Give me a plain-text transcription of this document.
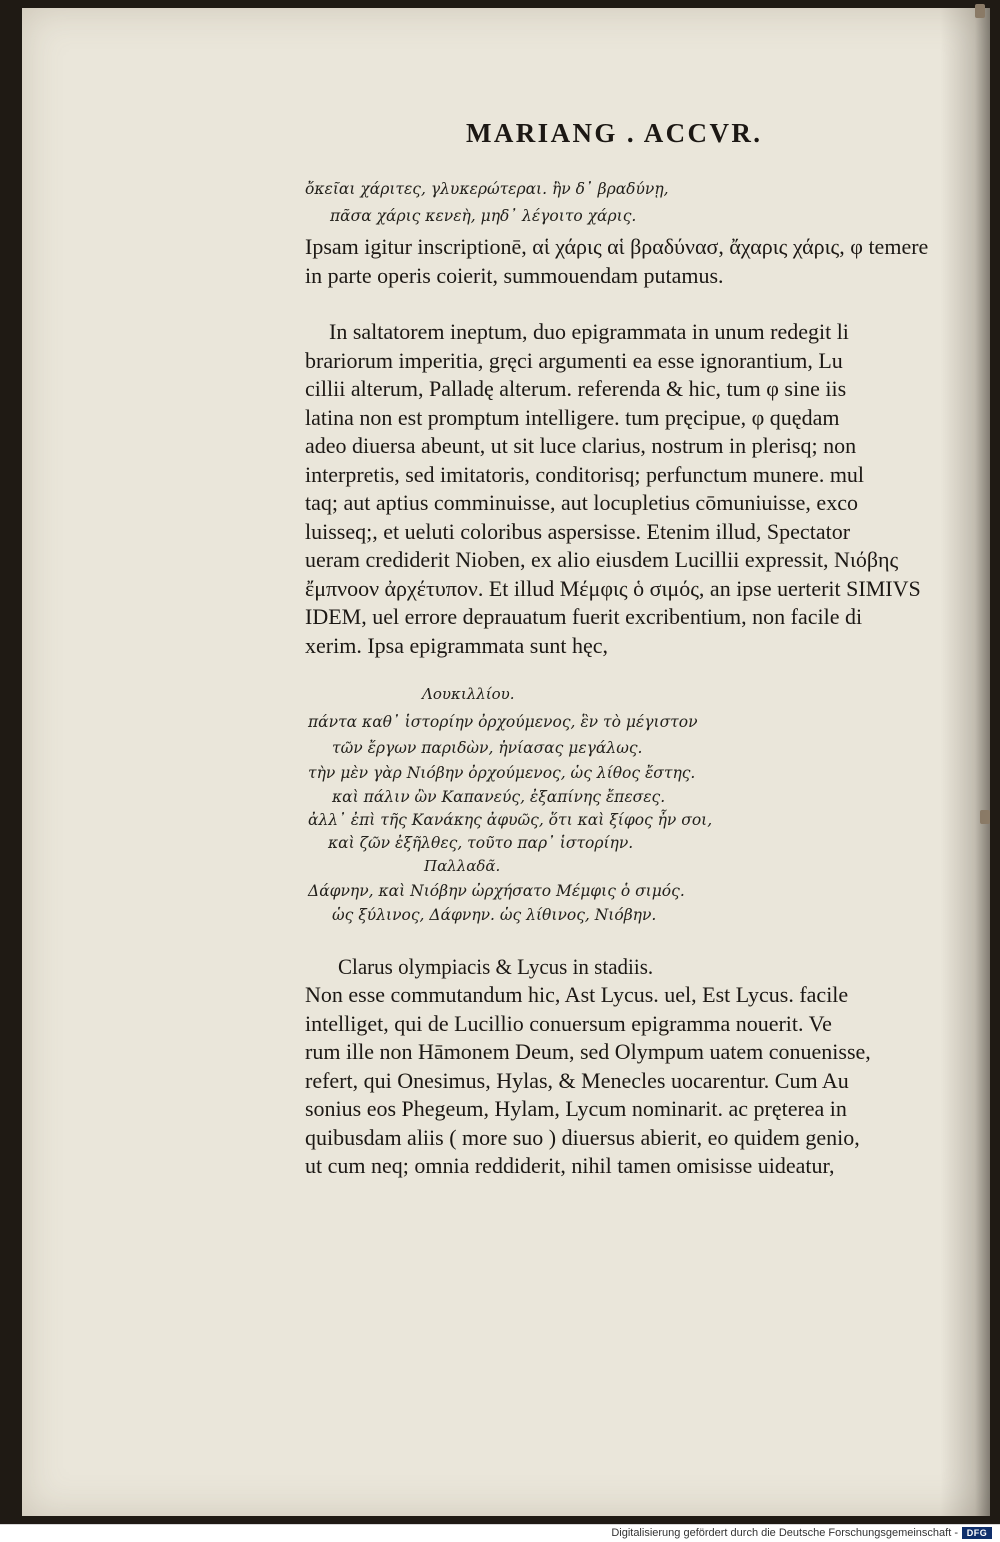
MARIANG . ACCVR.
ὄκεῖαι χάριτες, γλυκερώτεραι. ἢν δ᾽ βραδύνῃ,
πᾶσα χάρις κενεὴ, μηδ᾽ λέγοιτο χάρις.
Ipsam igitur inscriptionē, αἱ χάρις αἱ βραδύνασ, ἄχαρις χάρις, φ temere
in parte operis coierit, summouendam putamus.
In saltatorem ineptum, duo epigrammata in unum redegit li
brariorum imperitia, gręci argumenti ea esse ignorantium, Lu
cillii alterum, Palladę alterum. referenda & hic, tum φ sine iis
latina non est promptum intelligere. tum pręcipue, φ quędam
adeo diuersa abeunt, ut sit luce clarius, nostrum in plerisq; non
interpretis, sed imitatoris, conditorisq; perfunctum munere. mul
taq; aut aptius comminuisse, aut locupletius cōmuniuisse, exco
luisseq;, et ueluti coloribus aspersisse. Etenim illud, Spectator
ueram crediderit Nioben, ex alio eiusdem Lucillii expressit, Νιόβης
ἔμπνοον ἀρχέτυπον. Et illud Μέμφις ὁ σιμός, an ipse uerterit SIMIVS
IDEM, uel errore deprauatum fuerit excribentium, non facile di
xerim. Ipsa epigrammata sunt hęc,
Λουκιλλίου.
πάντα καθ᾽ ἱστορίην ὀρχούμενος, ἓν τὸ μέγιστον
τῶν ἔργων παριδὼν, ἠνίασας μεγάλως.
τὴν μὲν γὰρ Νιόβην ὀρχούμενος, ὡς λίθος ἔστης.
καὶ πάλιν ὢν Καπανεύς, ἐξαπίνης ἔπεσες.
ἀλλ᾽ ἐπὶ τῆς Κανάκης ἀφυῶς, ὅτι καὶ ξίφος ἦν σοι,
καὶ ζῶν ἐξῆλθες, τοῦτο παρ᾽ ἱστορίην.
Παλλαδᾶ.
Δάφνην, καὶ Νιόβην ὠρχήσατο Μέμφις ὁ σιμός.
ὡς ξύλινος, Δάφνην. ὡς λίθινος, Νιόβην.
Clarus olympiacis & Lycus in stadiis.
Non esse commutandum hic, Ast Lycus. uel, Est Lycus. facile
intelliget, qui de Lucillio conuersum epigramma nouerit. Ve
rum ille non Hāmonem Deum, sed Olympum uatem conuenisse,
refert, qui Onesimus, Hylas, & Menecles uocarentur. Cum Au
sonius eos Phegeum, Hylam, Lycum nominarit. ac pręterea in
quibusdam aliis ( more suo ) diuersus abierit, eo quidem genio,
ut cum neq; omnia reddiderit, nihil tamen omisisse uideatur,
Digitalisierung gefördert durch die Deutsche Forschungsgemeinschaft - DFG
